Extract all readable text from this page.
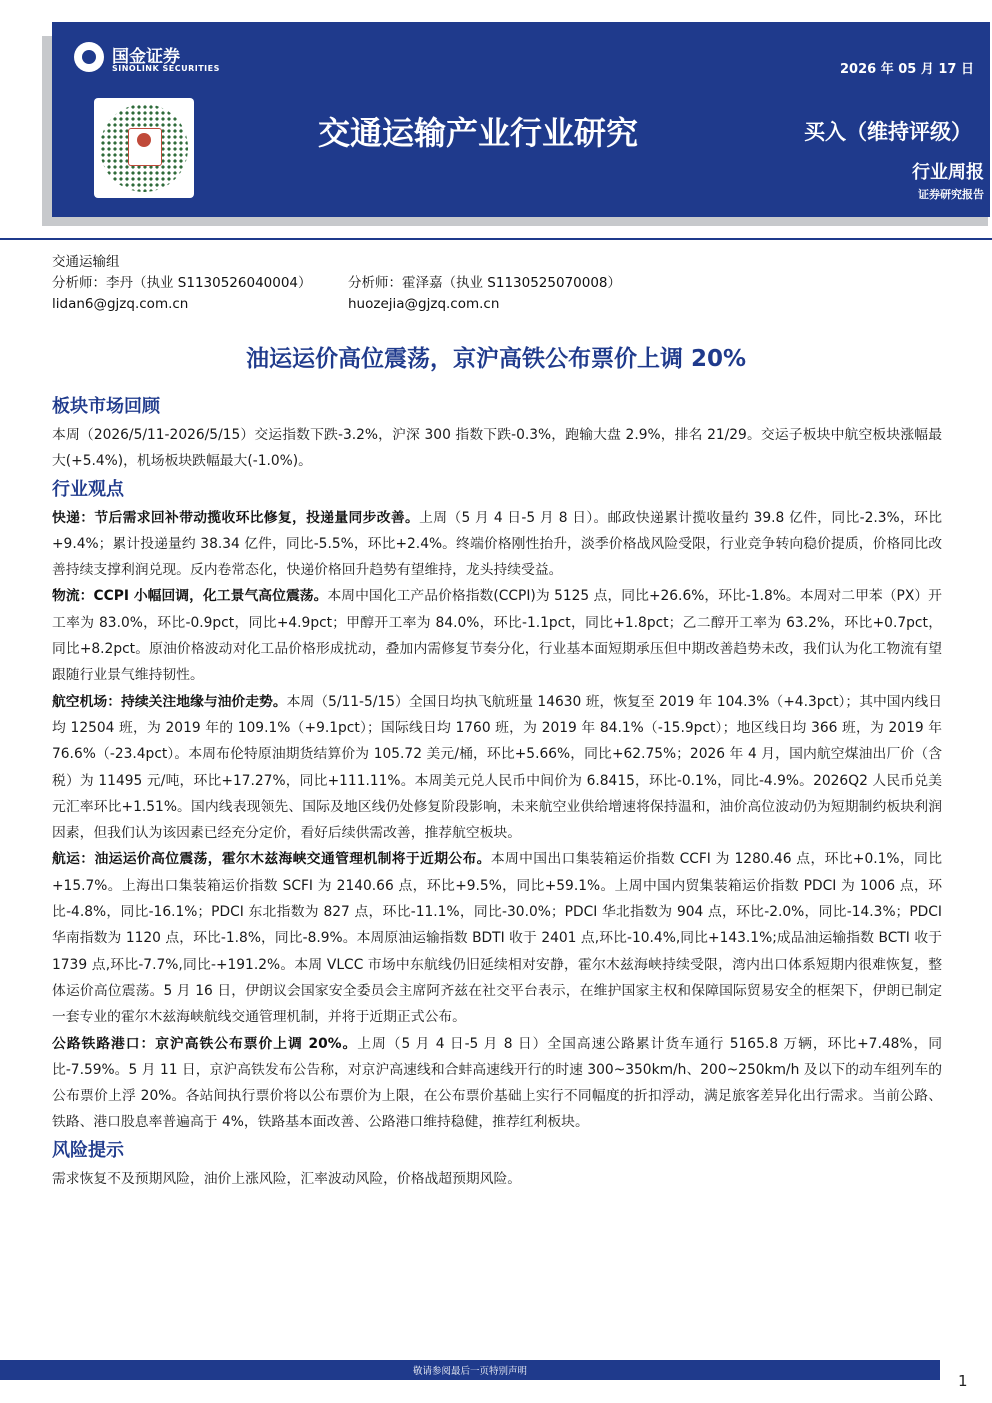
国金证券
SINOLINK SECURITIES	2026 年 05 月 17 日
交通运输产业行业研究	买入（维持评级）
行业周报
证券研究报告
交通运输组
分析师：李丹（执业 S1130526040004）	分析师：霍泽嘉（执业 S1130525070008）
lidan6@gjzq.com.cn	huozejia@gjzq.com.cn
油运运价高位震荡，京沪高铁公布票价上调 20%
板块市场回顾

本周（2026/5/11-2026/5/15）交运指数下跌-3.2%，沪深 300 指数下跌-0.3%，跑输大盘 2.9%，排名 21/29。交运子板块中航空板块涨幅最大(+5.4%)，机场板块跌幅最大(-1.0%)。

行业观点

快递：节后需求回补带动揽收环比修复，投递量同步改善。上周（5 月 4 日-5 月 8 日）。邮政快递累计揽收量约 39.8 亿件，同比-2.3%，环比+9.4%；累计投递量约 38.34 亿件，同比-5.5%，环比+2.4%。终端价格刚性抬升，淡季价格战风险受限，行业竞争转向稳价提质，价格同比改善持续支撑利润兑现。反内卷常态化，快递价格回升趋势有望维持，龙头持续受益。

物流：CCPI 小幅回调，化工景气高位震荡。本周中国化工产品价格指数(CCPI)为 5125 点，同比+26.6%，环比-1.8%。本周对二甲苯（PX）开工率为 83.0%，环比-0.9pct，同比+4.9pct；甲醇开工率为 84.0%，环比-1.1pct，同比+1.8pct；乙二醇开工率为 63.2%，环比+0.7pct，同比+8.2pct。原油价格波动对化工品价格形成扰动，叠加内需修复节奏分化，行业基本面短期承压但中期改善趋势未改，我们认为化工物流有望跟随行业景气维持韧性。

航空机场：持续关注地缘与油价走势。本周（5/11-5/15）全国日均执飞航班量 14630 班，恢复至 2019 年 104.3%（+4.3pct）；其中国内线日均 12504 班，为 2019 年的 109.1%（+9.1pct）；国际线日均 1760 班，为 2019 年 84.1%（-15.9pct）；地区线日均 366 班，为 2019 年 76.6%（-23.4pct）。本周布伦特原油期货结算价为 105.72 美元/桶，环比+5.66%，同比+62.75%；2026 年 4 月，国内航空煤油出厂价（含税）为 11495 元/吨，环比+17.27%，同比+111.11%。本周美元兑人民币中间价为 6.8415，环比-0.1%，同比-4.9%。2026Q2 人民币兑美元汇率环比+1.51%。国内线表现领先、国际及地区线仍处修复阶段影响，未来航空业供给增速将保持温和，油价高位波动仍为短期制约板块利润因素，但我们认为该因素已经充分定价，看好后续供需改善，推荐航空板块。

航运：油运运价高位震荡，霍尔木兹海峡交通管理机制将于近期公布。本周中国出口集装箱运价指数 CCFI 为 1280.46 点，环比+0.1%，同比+15.7%。上海出口集装箱运价指数 SCFI 为 2140.66 点，环比+9.5%，同比+59.1%。上周中国内贸集装箱运价指数 PDCI 为 1006 点，环比-4.8%，同比-16.1%；PDCI 东北指数为 827 点，环比-11.1%，同比-30.0%；PDCI 华北指数为 904 点，环比-2.0%，同比-14.3%；PDCI 华南指数为 1120 点，环比-1.8%，同比-8.9%。本周原油运输指数 BDTI 收于 2401 点,环比-10.4%,同比+143.1%;成品油运输指数 BCTI 收于 1739 点,环比-7.7%,同比-+191.2%。本周 VLCC 市场中东航线仍旧延续相对安静，霍尔木兹海峡持续受限，湾内出口体系短期内很难恢复，整体运价高位震荡。5 月 16 日，伊朗议会国家安全委员会主席阿齐兹在社交平台表示，在维护国家主权和保障国际贸易安全的框架下，伊朗已制定一套专业的霍尔木兹海峡航线交通管理机制，并将于近期正式公布。

公路铁路港口：京沪高铁公布票价上调 20%。上周（5 月 4 日-5 月 8 日）全国高速公路累计货车通行 5165.8 万辆，环比+7.48%，同比-7.59%。5 月 11 日，京沪高铁发布公告称，对京沪高速线和合蚌高速线开行的时速 300~350km/h、200~250km/h 及以下的动车组列车的公布票价上浮 20%。各站间执行票价将以公布票价为上限，在公布票价基础上实行不同幅度的折扣浮动，满足旅客差异化出行需求。当前公路、铁路、港口股息率普遍高于 4%，铁路基本面改善、公路港口维持稳健，推荐红利板块。

风险提示

需求恢复不及预期风险，油价上涨风险，汇率波动风险，价格战超预期风险。

敬请参阅最后一页特别声明
1
